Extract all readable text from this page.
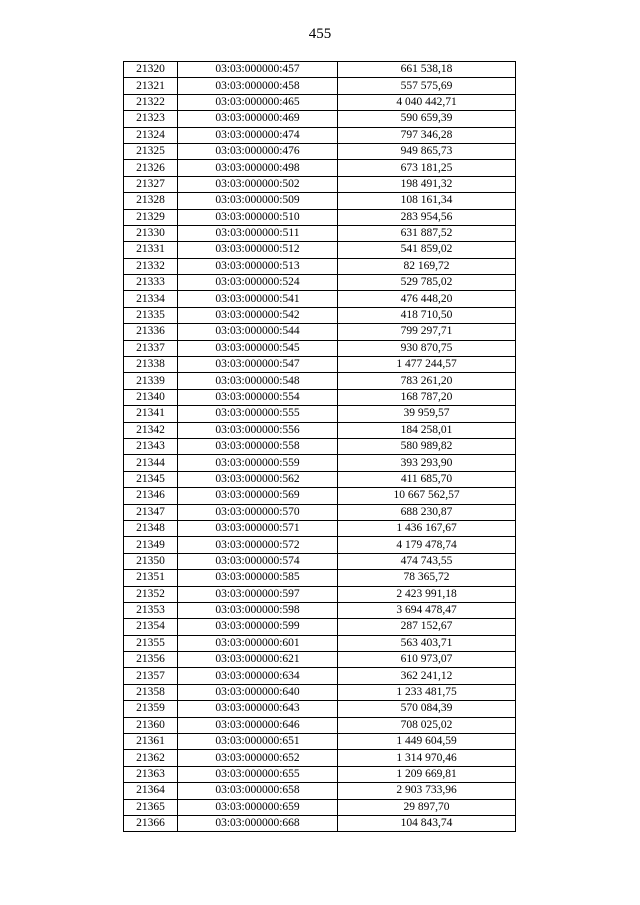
455
21320	03:03:000000:457	661 538,18
21321	03:03:000000:458	557 575,69
21322	03:03:000000:465	4 040 442,71
21323	03:03:000000:469	590 659,39
21324	03:03:000000:474	797 346,28
21325	03:03:000000:476	949 865,73
21326	03:03:000000:498	673 181,25
21327	03:03:000000:502	198 491,32
21328	03:03:000000:509	108 161,34
21329	03:03:000000:510	283 954,56
21330	03:03:000000:511	631 887,52
21331	03:03:000000:512	541 859,02
21332	03:03:000000:513	82 169,72
21333	03:03:000000:524	529 785,02
21334	03:03:000000:541	476 448,20
21335	03:03:000000:542	418 710,50
21336	03:03:000000:544	799 297,71
21337	03:03:000000:545	930 870,75
21338	03:03:000000:547	1 477 244,57
21339	03:03:000000:548	783 261,20
21340	03:03:000000:554	168 787,20
21341	03:03:000000:555	39 959,57
21342	03:03:000000:556	184 258,01
21343	03:03:000000:558	580 989,82
21344	03:03:000000:559	393 293,90
21345	03:03:000000:562	411 685,70
21346	03:03:000000:569	10 667 562,57
21347	03:03:000000:570	688 230,87
21348	03:03:000000:571	1 436 167,67
21349	03:03:000000:572	4 179 478,74
21350	03:03:000000:574	474 743,55
21351	03:03:000000:585	78 365,72
21352	03:03:000000:597	2 423 991,18
21353	03:03:000000:598	3 694 478,47
21354	03:03:000000:599	287 152,67
21355	03:03:000000:601	563 403,71
21356	03:03:000000:621	610 973,07
21357	03:03:000000:634	362 241,12
21358	03:03:000000:640	1 233 481,75
21359	03:03:000000:643	570 084,39
21360	03:03:000000:646	708 025,02
21361	03:03:000000:651	1 449 604,59
21362	03:03:000000:652	1 314 970,46
21363	03:03:000000:655	1 209 669,81
21364	03:03:000000:658	2 903 733,96
21365	03:03:000000:659	29 897,70
21366	03:03:000000:668	104 843,74
